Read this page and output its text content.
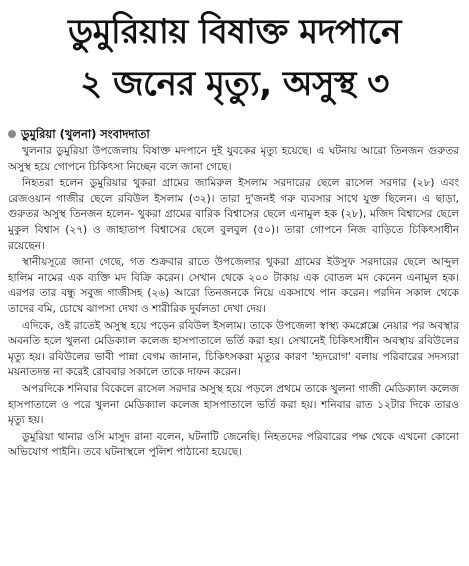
ডুমুরিয়ায় বিষাক্ত মদপানে
২ জনের মৃত্যু, অসুস্থ ৩
ডুমুরিয়া (খুলনা) সংবাদদাতা

খুলনার ডুমুরিয়া উপজেলায় বিষাক্ত মদপানে দুই যুবকের মৃত্যু হয়েছে। এ ঘটনায় আরো তিনজন গুরুতর অসুস্থ হয়ে গোপনে চিকিৎসা নিচ্ছেন বলে জানা গেছে।

নিহতরা হলেন ডুমুরিয়ার থুকরা গ্রামের জামিরুল ইসলাম সরদারের ছেলে রাসেল সরদার (২৮) এবং রেজওয়ান গাজীর ছেলে রবিউল ইসলাম (৩২)। তারা দু'জনই গরু ব্যবসার সাথে যুক্ত ছিলেন। এ ছাড়া, গুরুতর অসুস্থ তিনজন হলেন- থুকরা গ্রামের বারিক বিশ্বাসের ছেলে এনামুল হক (২৮), মজিদ বিশ্বাসের ছেলে মুকুল বিশ্বাস (২৭) ও জাহাতাপ বিশ্বাসের ছেলে বুলবুল (৫০)। তারা গোপনে নিজ বাড়িতে চিকিৎসাধীন রয়েছেন।

স্থানীয়সূত্রে জানা গেছে, গত শুক্রবার রাতে উপজেলার থুকরা গ্রামের ইউসুফ সরদারের ছেলে আব্দুল হালিম নামের এক ব্যক্তি মদ বিক্রি করেন। সেখান থেকে ২০০ টাকায় এক বোতল মদ কেনেন এনামুল হক। এরপর তার বন্ধু সবুজ গাজীসহ (২৬) আরো তিনজনকে নিয়ে একসাথে পান করেন। পরদিন সকাল থেকে তাদের বমি, চোখে ঝাপসা দেখা ও শারীরিক দুর্বলতা দেখা দেয়।

এদিকে, ওই রাতেই অসুস্থ হয়ে পড়েন রবিউল ইসলাম। তাকে উপজেলা স্বাস্থ্য কমপ্লেক্সে নেয়ার পর অবস্থার অবনতি হলে খুলনা মেডিক্যাল কলেজ হাসপাতালে ভর্তি করা হয়। সেখানেই চিকিৎসাধীন অবস্থায় রবিউলের মৃত্যু হয়। রবিউলের ভাবী পান্না বেগম জানান, চিকিৎসকরা মৃত্যুর কারণ 'হৃদরোগ' বলায় পরিবারের সদস্যরা ময়নাতদন্ত না করেই রোববার সকালে তাকে দাফন করেন।

অপরদিকে শনিবার বিকেলে রাসেল সরদার অসুস্থ হয়ে পড়লে প্রথমে তাকে খুলনা গাজী মেডিক্যাল কলেজ হাসপাতালে ও পরে খুলনা মেডিক্যাল কলেজ হাসপাতালে ভর্তি করা হয়। শনিবার রাত ১২টার দিকে তারও মৃত্যু হয়।

ডুমুরিয়া থানার ওসি মাসুদ রানা বলেন, ঘটনাটি জেনেছি। নিহতদের পরিবারের পক্ষ থেকে এখনো কোনো অভিযোগ পাইনি। তবে ঘটনাস্থলে পুলিশ পাঠানো হয়েছে।
